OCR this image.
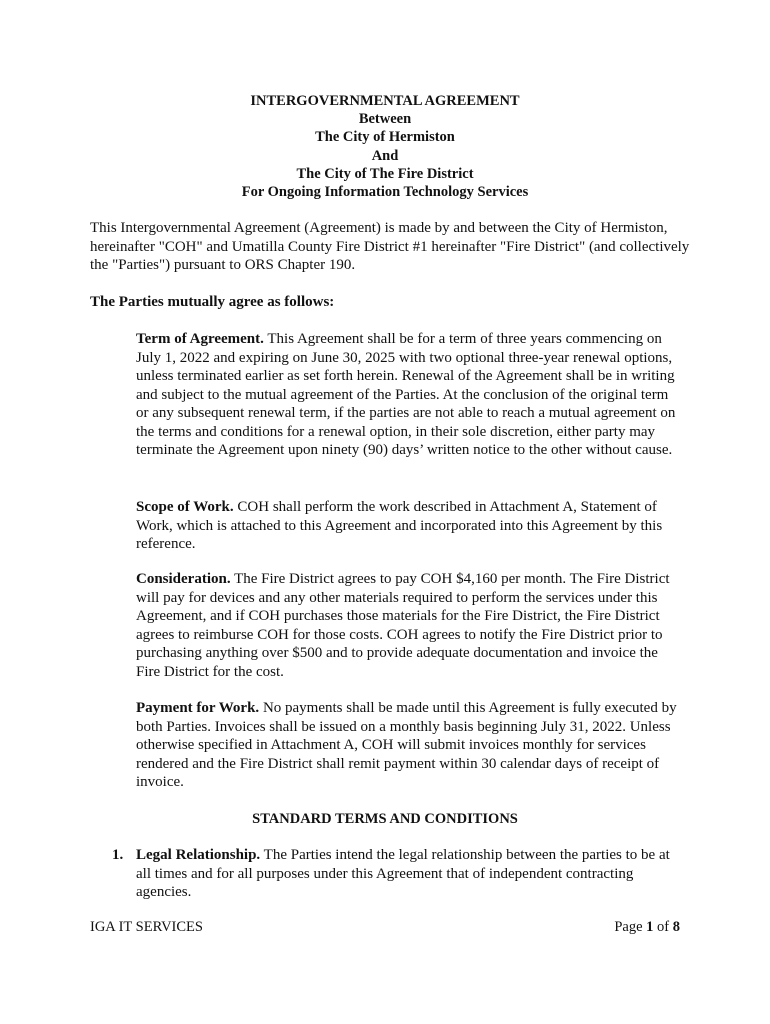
INTERGOVERNMENTAL AGREEMENT
Between
The City of Hermiston
And
The City of The Fire District
For Ongoing Information Technology Services
This Intergovernmental Agreement (Agreement) is made by and between the City of Hermiston, hereinafter "COH" and Umatilla County Fire District #1 hereinafter "Fire District" (and collectively the "Parties") pursuant to ORS Chapter 190.
The Parties mutually agree as follows:
Term of Agreement. This Agreement shall be for a term of three years commencing on July 1, 2022 and expiring on June 30, 2025 with two optional three-year renewal options, unless terminated earlier as set forth herein. Renewal of the Agreement shall be in writing and subject to the mutual agreement of the Parties. At the conclusion of the original term or any subsequent renewal term, if the parties are not able to reach a mutual agreement on the terms and conditions for a renewal option, in their sole discretion, either party may terminate the Agreement upon ninety (90) days’ written notice to the other without cause.
Scope of Work. COH shall perform the work described in Attachment A, Statement of Work, which is attached to this Agreement and incorporated into this Agreement by this reference.
Consideration. The Fire District agrees to pay COH $4,160 per month. The Fire District will pay for devices and any other materials required to perform the services under this Agreement, and if COH purchases those materials for the Fire District, the Fire District agrees to reimburse COH for those costs. COH agrees to notify the Fire District prior to purchasing anything over $500 and to provide adequate documentation and invoice the Fire District for the cost.
Payment for Work. No payments shall be made until this Agreement is fully executed by both Parties. Invoices shall be issued on a monthly basis beginning July 31, 2022. Unless otherwise specified in Attachment A, COH will submit invoices monthly for services rendered and the Fire District shall remit payment within 30 calendar days of receipt of invoice.
STANDARD TERMS AND CONDITIONS
1. Legal Relationship. The Parties intend the legal relationship between the parties to be at all times and for all purposes under this Agreement that of independent contracting agencies.
IGA IT SERVICES	Page 1 of 8
